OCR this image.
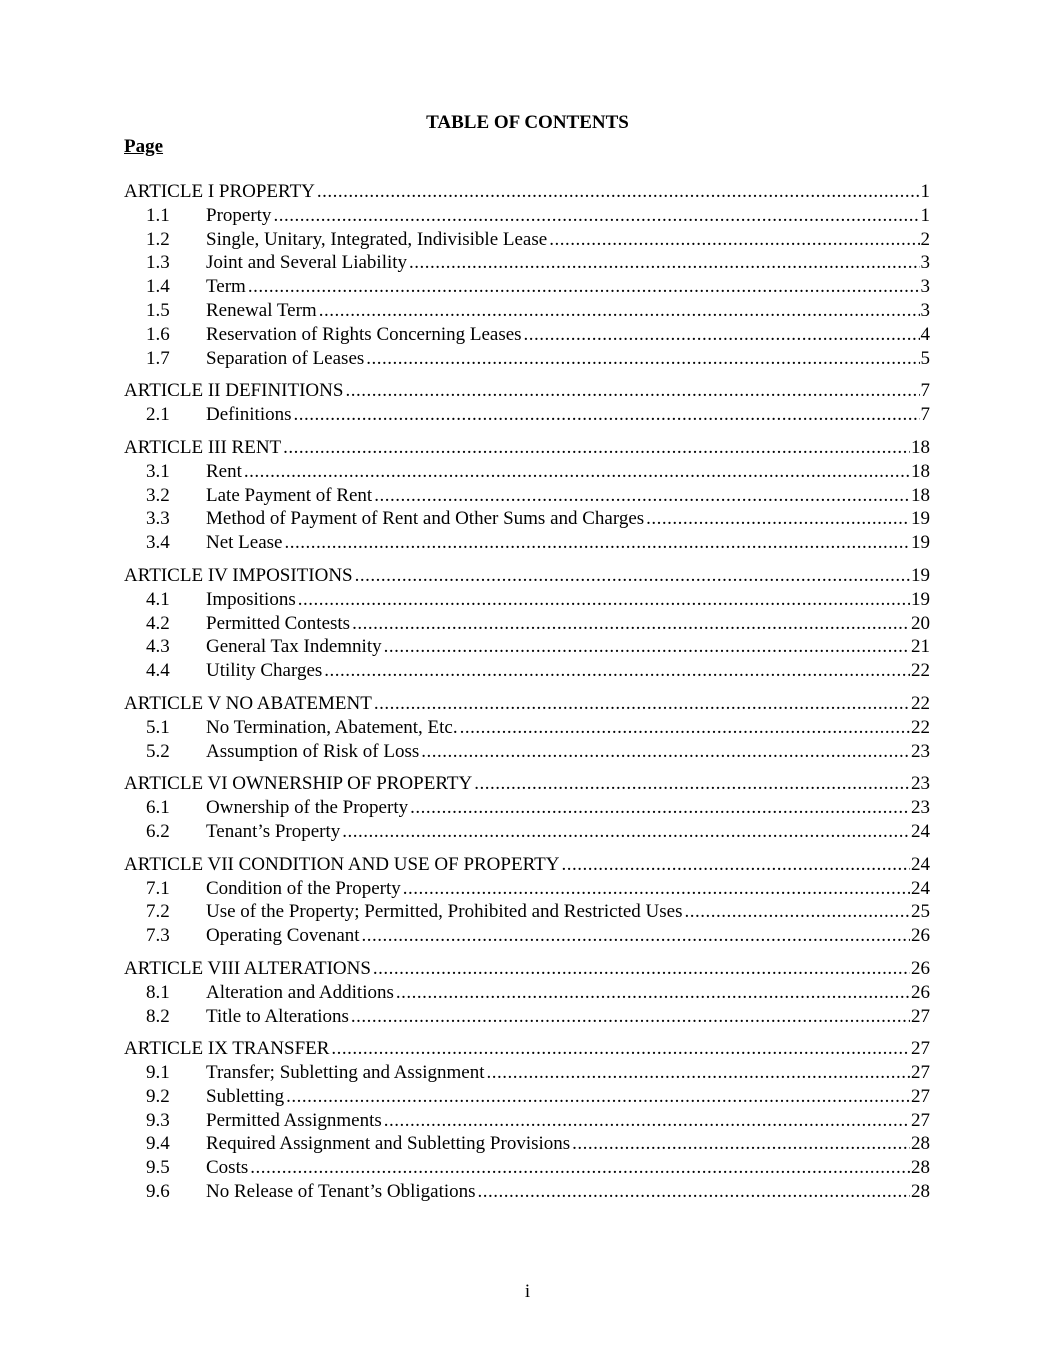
TABLE OF CONTENTS
Page
ARTICLE I PROPERTY .....	1
1.1	Property .....	1
1.2	Single, Unitary, Integrated, Indivisible Lease .....	2
1.3	Joint and Several Liability .....	3
1.4	Term .....	3
1.5	Renewal Term .....	3
1.6	Reservation of Rights Concerning Leases .....	4
1.7	Separation of Leases .....	5
ARTICLE II DEFINITIONS .....	7
2.1	Definitions .....	7
ARTICLE III RENT .....	18
3.1	Rent .....	18
3.2	Late Payment of Rent .....	18
3.3	Method of Payment of Rent and Other Sums and Charges .....	19
3.4	Net Lease .....	19
ARTICLE IV IMPOSITIONS .....	19
4.1	Impositions .....	19
4.2	Permitted Contests .....	20
4.3	General Tax Indemnity .....	21
4.4	Utility Charges .....	22
ARTICLE V NO ABATEMENT .....	22
5.1	No Termination, Abatement, Etc. .....	22
5.2	Assumption of Risk of Loss .....	23
ARTICLE VI OWNERSHIP OF PROPERTY .....	23
6.1	Ownership of the Property .....	23
6.2	Tenant’s Property .....	24
ARTICLE VII CONDITION AND USE OF PROPERTY .....	24
7.1	Condition of the Property .....	24
7.2	Use of the Property; Permitted, Prohibited and Restricted Uses .....	25
7.3	Operating Covenant .....	26
ARTICLE VIII ALTERATIONS .....	26
8.1	Alteration and Additions .....	26
8.2	Title to Alterations .....	27
ARTICLE IX TRANSFER .....	27
9.1	Transfer; Subletting and Assignment .....	27
9.2	Subletting .....	27
9.3	Permitted Assignments .....	27
9.4	Required Assignment and Subletting Provisions .....	28
9.5	Costs .....	28
9.6	No Release of Tenant’s Obligations .....	28
i
